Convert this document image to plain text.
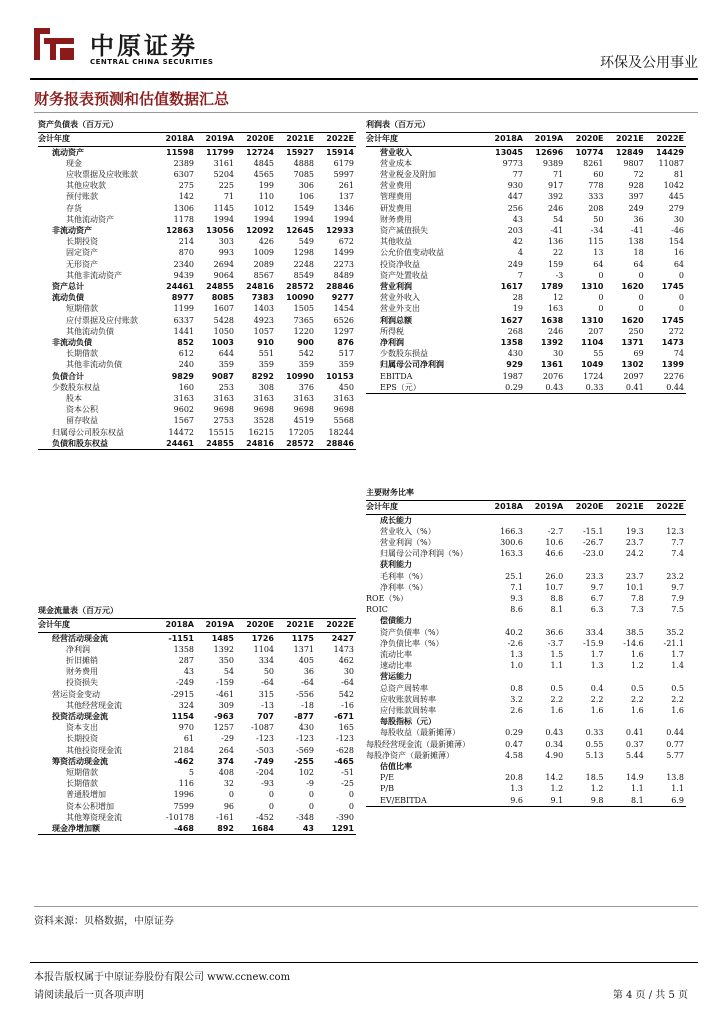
中原证券
CENTRAL CHINA SECURITIES	环保及公用事业
财务报表预测和估值数据汇总
资产负债表（百万元）					
会计年度	2018A	2019A	2020E	2021E	2022E
流动资产	11598	11799	12724	15927	15914
现金	2389	3161	4845	4888	6179
应收票据及应收账款	6307	5204	4565	7085	5997
其他应收款	275	225	199	306	261
预付账款	142	71	110	106	137
存货	1306	1145	1012	1549	1346
其他流动资产	1178	1994	1994	1994	1994
非流动资产	12863	13056	12092	12645	12933
长期投资	214	303	426	549	672
固定资产	870	993	1009	1298	1499
无形资产	2340	2694	2089	2248	2273
其他非流动资产	9439	9064	8567	8549	8489
资产总计	24461	24855	24816	28572	28846
流动负债	8977	8085	7383	10090	9277
短期借款	1199	1607	1403	1505	1454
应付票据及应付账款	6337	5428	4923	7365	6526
其他流动负债	1441	1050	1057	1220	1297
非流动负债	852	1003	910	900	876
长期借款	612	644	551	542	517
其他非流动负债	240	359	359	359	359
负债合计	9829	9087	8292	10990	10153
少数股东权益	160	253	308	376	450
股本	3163	3163	3163	3163	3163
资本公积	9602	9698	9698	9698	9698
留存收益	1567	2753	3528	4519	5568
归属母公司股东权益	14472	15515	16215	17205	18244
负债和股东权益	24461	24855	24816	28572	28846
利润表（百万元）					
会计年度	2018A	2019A	2020E	2021E	2022E
营业收入	13045	12696	10774	12849	14429
营业成本	9773	9389	8261	9807	11087
营业税金及附加	77	71	60	72	81
营业费用	930	917	778	928	1042
管理费用	447	392	333	397	445
研发费用	256	246	208	249	279
财务费用	43	54	50	36	30
资产减值损失	203	-41	-34	-41	-46
其他收益	42	136	115	138	154
公允价值变动收益	4	22	13	18	16
投资净收益	249	159	64	64	64
资产处置收益	7	-3	0	0	0
营业利润	1617	1789	1310	1620	1745
营业外收入	28	12	0	0	0
营业外支出	19	163	0	0	0
利润总额	1627	1638	1310	1620	1745
所得税	268	246	207	250	272
净利润	1358	1392	1104	1371	1473
少数股东损益	430	30	55	69	74
归属母公司净利润	929	1361	1049	1302	1399
EBITDA	1987	2076	1724	2097	2276
EPS（元）	0.29	0.43	0.33	0.41	0.44
主要财务比率					
会计年度	2018A	2019A	2020E	2021E	2022E
成长能力					
营业收入（%）	166.3	-2.7	-15.1	19.3	12.3
营业利润（%）	300.6	10.6	-26.7	23.7	7.7
归属母公司净利润（%）	163.3	46.6	-23.0	24.2	7.4
获利能力					
毛利率（%）	25.1	26.0	23.3	23.7	23.2
净利率（%）	7.1	10.7	9.7	10.1	9.7
ROE（%）	9.3	8.8	6.7	7.8	7.9
ROIC	8.6	8.1	6.3	7.3	7.5
偿债能力					
资产负债率（%）	40.2	36.6	33.4	38.5	35.2
净负债比率（%）	-2.6	-3.7	-15.9	-14.6	-21.1
流动比率	1.3	1.5	1.7	1.6	1.7
速动比率	1.0	1.1	1.3	1.2	1.4
营运能力					
总资产周转率	0.8	0.5	0.4	0.5	0.5
应收账款周转率	3.2	2.2	2.2	2.2	2.2
应付账款周转率	2.6	1.6	1.6	1.6	1.6
每股指标（元）					
每股收益（最新摊薄）	0.29	0.43	0.33	0.41	0.44
每股经营现金流（最新摊薄）	0.47	0.34	0.55	0.37	0.77
每股净资产（最新摊薄）	4.58	4.90	5.13	5.44	5.77
估值比率					
P/E	20.8	14.2	18.5	14.9	13.8
P/B	1.3	1.2	1.2	1.1	1.1
EV/EBITDA	9.6	9.1	9.8	8.1	6.9
现金流量表（百万元）					
会计年度	2018A	2019A	2020E	2021E	2022E
经营活动现金流	-1151	1485	1726	1175	2427
净利润	1358	1392	1104	1371	1473
折旧摊销	287	350	334	405	462
财务费用	43	54	50	36	30
投资损失	-249	-159	-64	-64	-64
营运资金变动	-2915	-461	315	-556	542
其他经营现金流	324	309	-13	-18	-16
投资活动现金流	1154	-963	707	-877	-671
资本支出	970	1257	-1087	430	165
长期投资	61	-29	-123	-123	-123
其他投资现金流	2184	264	-503	-569	-628
筹资活动现金流	-462	374	-749	-255	-465
短期借款	5	408	-204	102	-51
长期借款	116	32	-93	-9	-25
普通股增加	1996	0	0	0	0
资本公积增加	7599	96	0	0	0
其他筹资现金流	-10178	-161	-452	-348	-390
现金净增加额	-468	892	1684	43	1291
资料来源：贝格数据，中原证券
本报告版权属于中原证券股份有限公司 www.ccnew.com
请阅读最后一页各项声明	第 4 页 / 共 5 页
